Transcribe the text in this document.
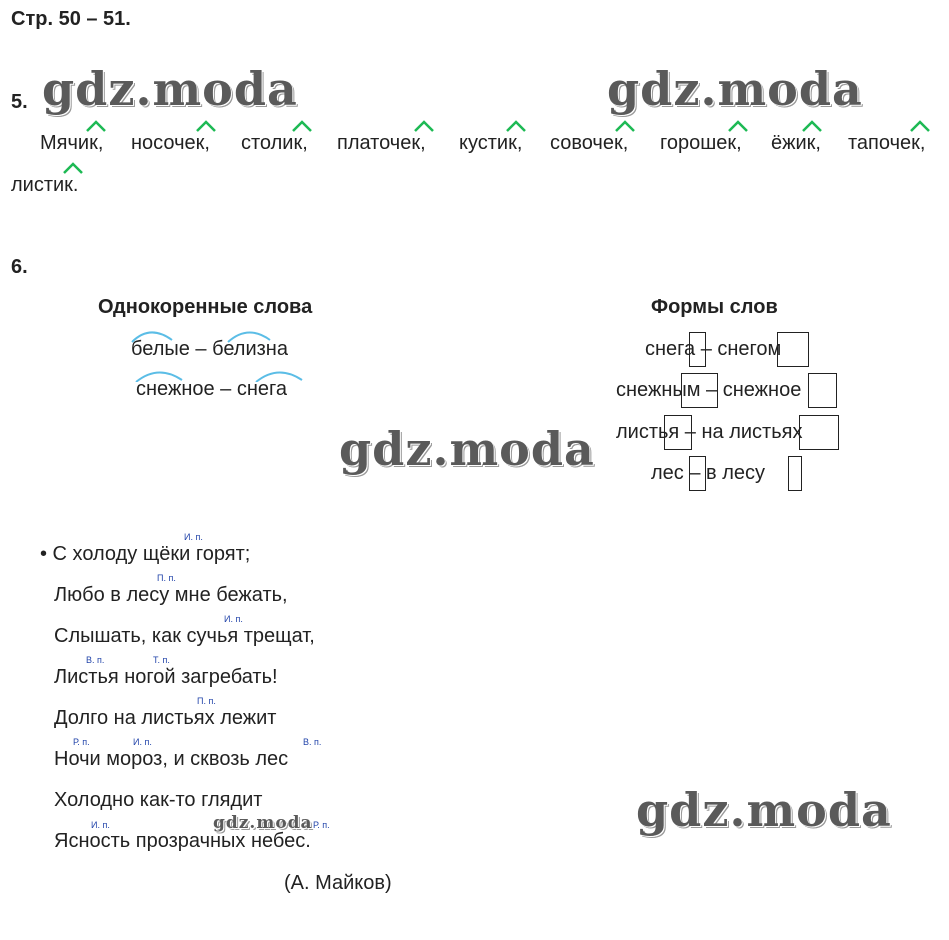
Стр. 50 – 51.
gdz.moda	gdz.moda
gdz.moda
gdz.moda
gdz.moda
5.
Мячик, носочек, столик, платочек, кустик, совочек, горошек, ёжик, тапочек,
листик.
6.
Однокоренные слова	Формы слов
белые – белизна
снежное – снега
снега – снегом
снежным – снежное
листья – на листьях
лес – в лесу
• С холоду щёки горят;
Любо в лесу мне бежать,
Слышать, как сучья трещат,
Листья ногой загребать!
Долго на листьях лежит
Ночи мороз, и сквозь лес
Холодно как-то глядит
Ясность прозрачных небес.
(А. Майков)
И. п.
П. п.
И. п.
В. п.	Т. п.
П. п.
Р. п.	И. п.	В. п.
И. п.	Р. п.
